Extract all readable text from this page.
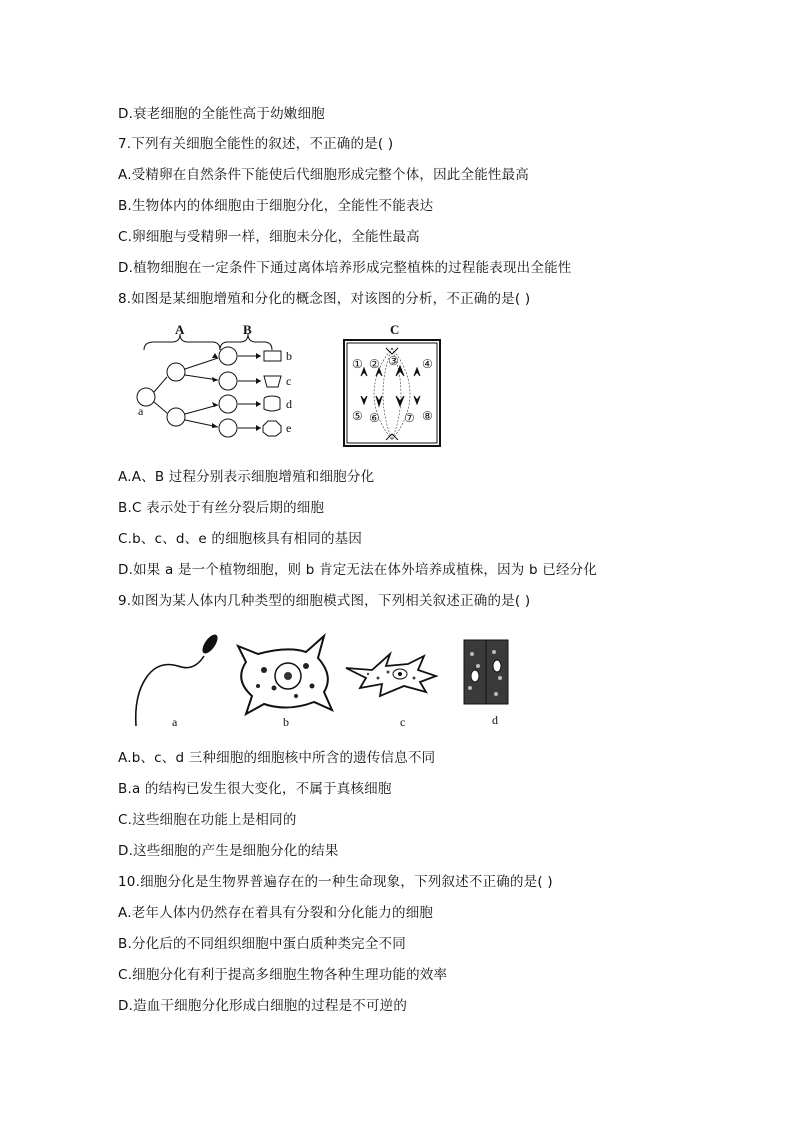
D.衰老细胞的全能性高于幼嫩细胞
7.下列有关细胞全能性的叙述，不正确的是( )
A.受精卵在自然条件下能使后代细胞形成完整个体，因此全能性最高
B.生物体内的体细胞由于细胞分化，全能性不能表达
C.卵细胞与受精卵一样，细胞未分化，全能性最高
D.植物细胞在一定条件下通过离体培养形成完整植株的过程能表现出全能性
8.如图是某细胞增殖和分化的概念图，对该图的分析，不正确的是( )
A	B
a
b
c
d
e
C
① ② ③ ④
⑤ ⑥ ⑦ ⑧
A.A、B 过程分别表示细胞增殖和细胞分化
B.C 表示处于有丝分裂后期的细胞
C.b、c、d、e 的细胞核具有相同的基因
D.如果 a 是一个植物细胞，则 b 肯定无法在体外培养成植株，因为 b 已经分化
9.如图为某人体内几种类型的细胞模式图，下列相关叙述正确的是( )
a	b	c	d
A.b、c、d 三种细胞的细胞核中所含的遗传信息不同
B.a 的结构已发生很大变化，不属于真核细胞
C.这些细胞在功能上是相同的
D.这些细胞的产生是细胞分化的结果
10.细胞分化是生物界普遍存在的一种生命现象，下列叙述不正确的是( )
A.老年人体内仍然存在着具有分裂和分化能力的细胞
B.分化后的不同组织细胞中蛋白质种类完全不同
C.细胞分化有利于提高多细胞生物各种生理功能的效率
D.造血干细胞分化形成白细胞的过程是不可逆的
